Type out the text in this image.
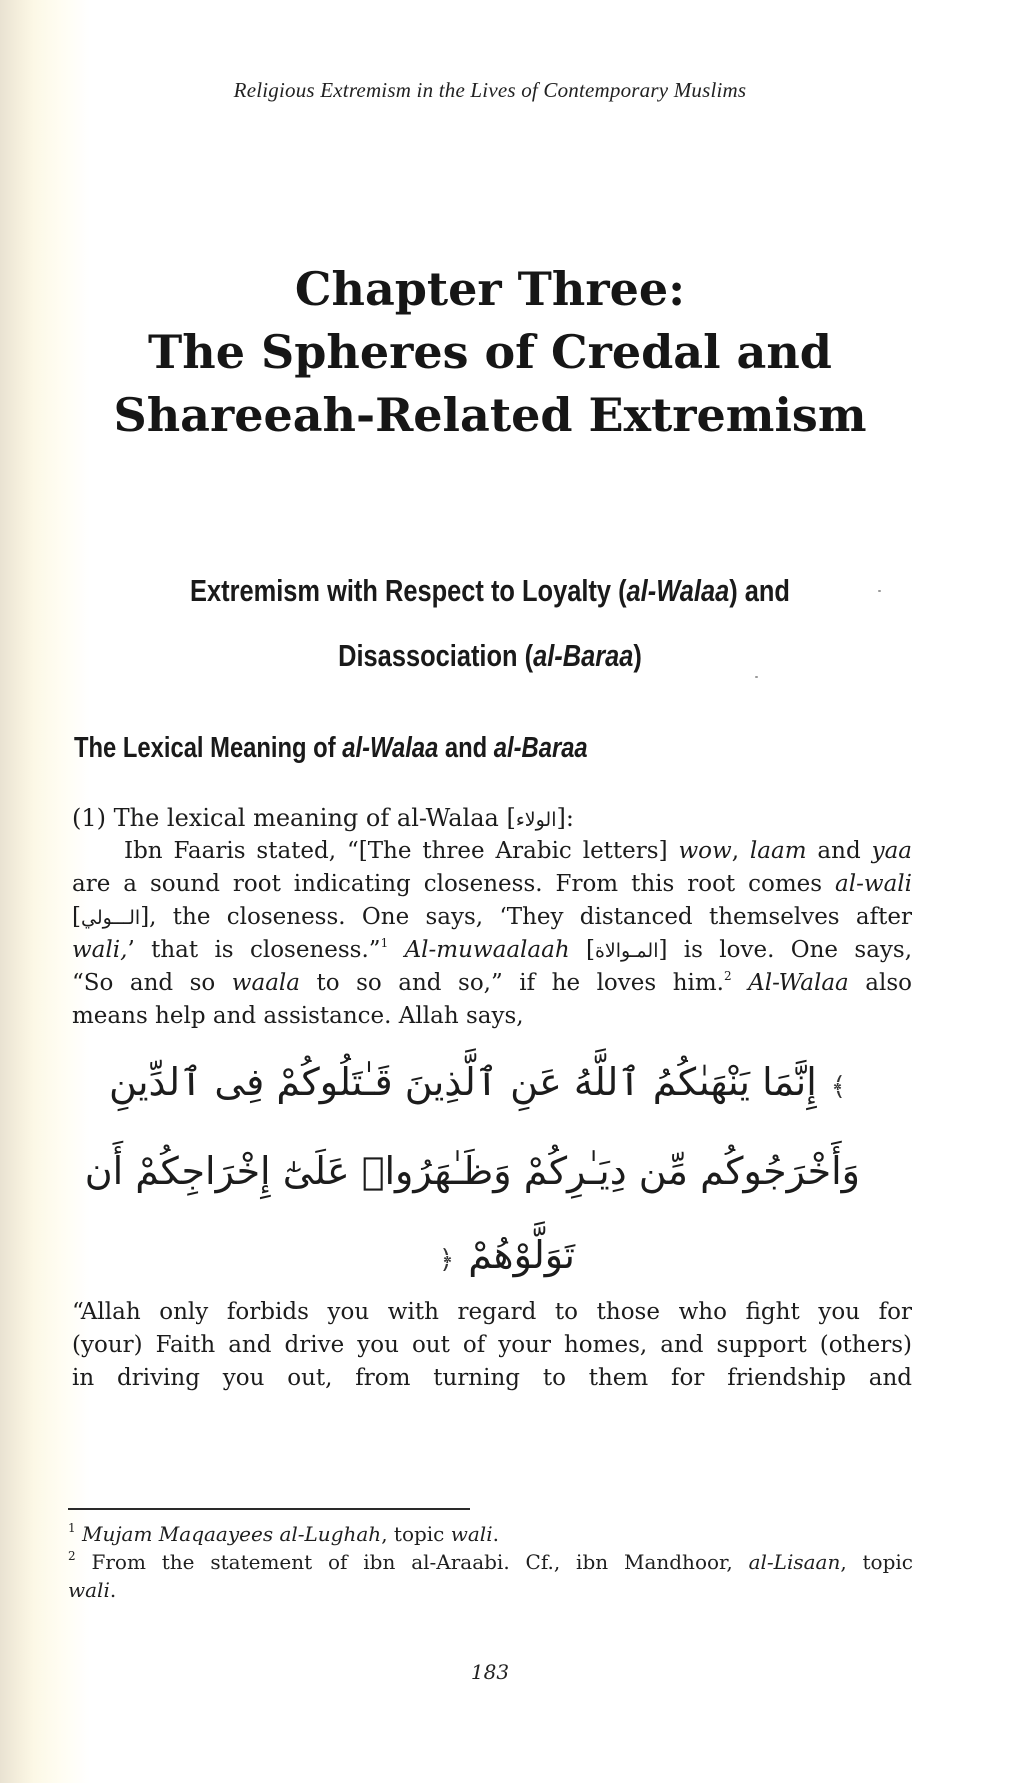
Religious Extremism in the Lives of Contemporary Muslims
Chapter Three:
The Spheres of Credal and
Shareeah-Related Extremism
Extremism with Respect to Loyalty (al-Walaa) and
Disassociation (al-Baraa)
The Lexical Meaning of al-Walaa and al-Baraa
(1) The lexical meaning of al-Walaa [الولاء]:
Ibn Faaris stated, “[The three Arabic letters] wow, laam and yaa
are a sound root indicating closeness. From this root comes al-wali
[الـــولي], the closeness. One says, ‘They distanced themselves after
wali,’ that is closeness.”$^1$ Al-muwaalaah [المـوالاة] is love. One says,
“So and so waala to so and so,” if he loves him.$^2$ Al-Walaa also
means help and assistance. Allah says,
﴾إِنَّمَا يَنْهَىٰكُمُ ٱللَّهُ عَنِ ٱلَّذِينَ قَـٰتَلُوكُمْ فِى ٱلدِّينِ
وَأَخْرَجُوكُم مِّن دِيَـٰرِكُمْ وَظَـٰهَرُوا۟ عَلَىٰٓ إِخْرَاجِكُمْ أَن
تَوَلَّوْهُمْ﴿
“Allah only forbids you with regard to those who fight you for
(your) Faith and drive you out of your homes, and support (others)
in driving you out, from turning to them for friendship and
$^1$ Mujam Maqaayees al-Lughah, topic wali.
$^2$ From the statement of ibn al-Araabi. Cf., ibn Mandhoor, al-Lisaan, topic
wali.
183
